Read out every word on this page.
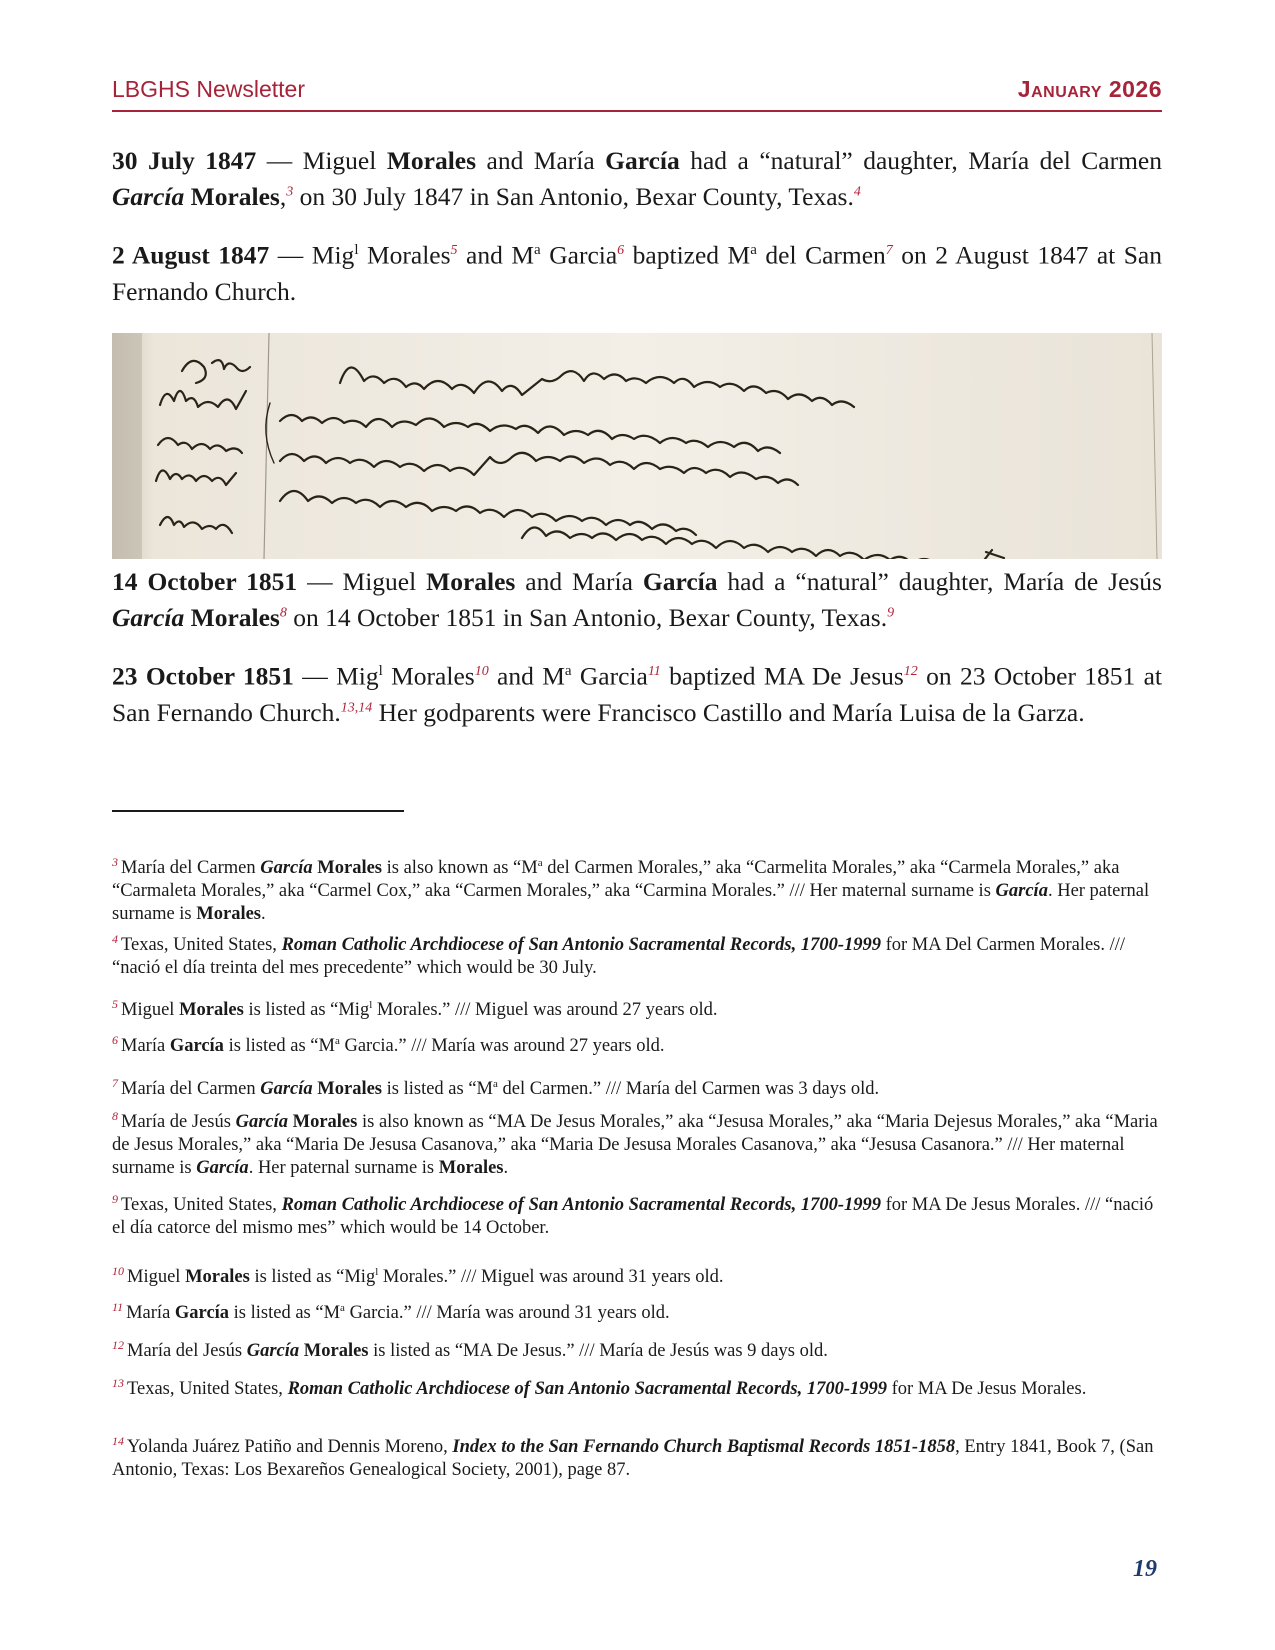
LBGHS Newsletter	January 2026

30 July 1847 — Miguel Morales and María García had a “natural” daughter, María del Carmen García Morales,$^3$ on 30 July 1847 in San Antonio, Bexar County, Texas.$^4$

2 August 1847 — Mig$^l$ Morales$^5$ and $M^a$ Garcia$^6$ baptized $M^a$ del Carmen$^7$ on 2 August 1847 at San Fernando Church.

14 October 1851 — Miguel Morales and María García had a “natural” daughter, María de Jesús García Morales$^8$ on 14 October 1851 in San Antonio, Bexar County, Texas.$^9$

23 October 1851 — Mig$^l$ Morales$^{10}$ and $M^a$ Garcia$^{11}$ baptized MA De Jesus$^{12}$ on 23 October 1851 at San Fernando Church.$^{13,14}$ Her godparents were Francisco Castillo and María Luisa de la Garza.

$^3$ María del Carmen García Morales is also known as “$M^a$ del Carmen Morales,” aka “Carmelita Morales,” aka “Carmela Morales,” aka “Carmaleta Morales,” aka “Carmel Cox,” aka “Carmen Morales,” aka “Carmina Morales.” /// Her maternal surname is García. Her paternal surname is Morales.

$^4$ Texas, United States, Roman Catholic Archdiocese of San Antonio Sacramental Records, 1700-1999 for MA Del Carmen Morales. /// “nació el día treinta del mes precedente” which would be 30 July.

$^5$ Miguel Morales is listed as “Mig$^l$ Morales.” /// Miguel was around 27 years old.

$^6$ María García is listed as “$M^a$ Garcia.” /// María was around 27 years old.

$^7$ María del Carmen García Morales is listed as “$M^a$ del Carmen.” /// María del Carmen was 3 days old.

$^8$ María de Jesús García Morales is also known as “MA De Jesus Morales,” aka “Jesusa Morales,” aka “Maria Dejesus Morales,” aka “Maria de Jesus Morales,” aka “Maria De Jesusa Casanova,” aka “Maria De Jesusa Morales Casanova,” aka “Jesusa Casanora.” /// Her maternal surname is García. Her paternal surname is Morales.

$^9$ Texas, United States, Roman Catholic Archdiocese of San Antonio Sacramental Records, 1700-1999 for MA De Jesus Morales. /// “nació el día catorce del mismo mes” which would be 14 October.

$^{10}$ Miguel Morales is listed as “Mig$^l$ Morales.” /// Miguel was around 31 years old.

$^{11}$ María García is listed as “$M^a$ Garcia.” /// María was around 31 years old.

$^{12}$ María del Jesús García Morales is listed as “MA De Jesus.” /// María de Jesús was 9 days old.

$^{13}$ Texas, United States, Roman Catholic Archdiocese of San Antonio Sacramental Records, 1700-1999 for MA De Jesus Morales.

$^{14}$ Yolanda Juárez Patiño and Dennis Moreno, Index to the San Fernando Church Baptismal Records 1851-1858, Entry 1841, Book 7, (San Antonio, Texas: Los Bexareños Genealogical Society, 2001), page 87.

19
